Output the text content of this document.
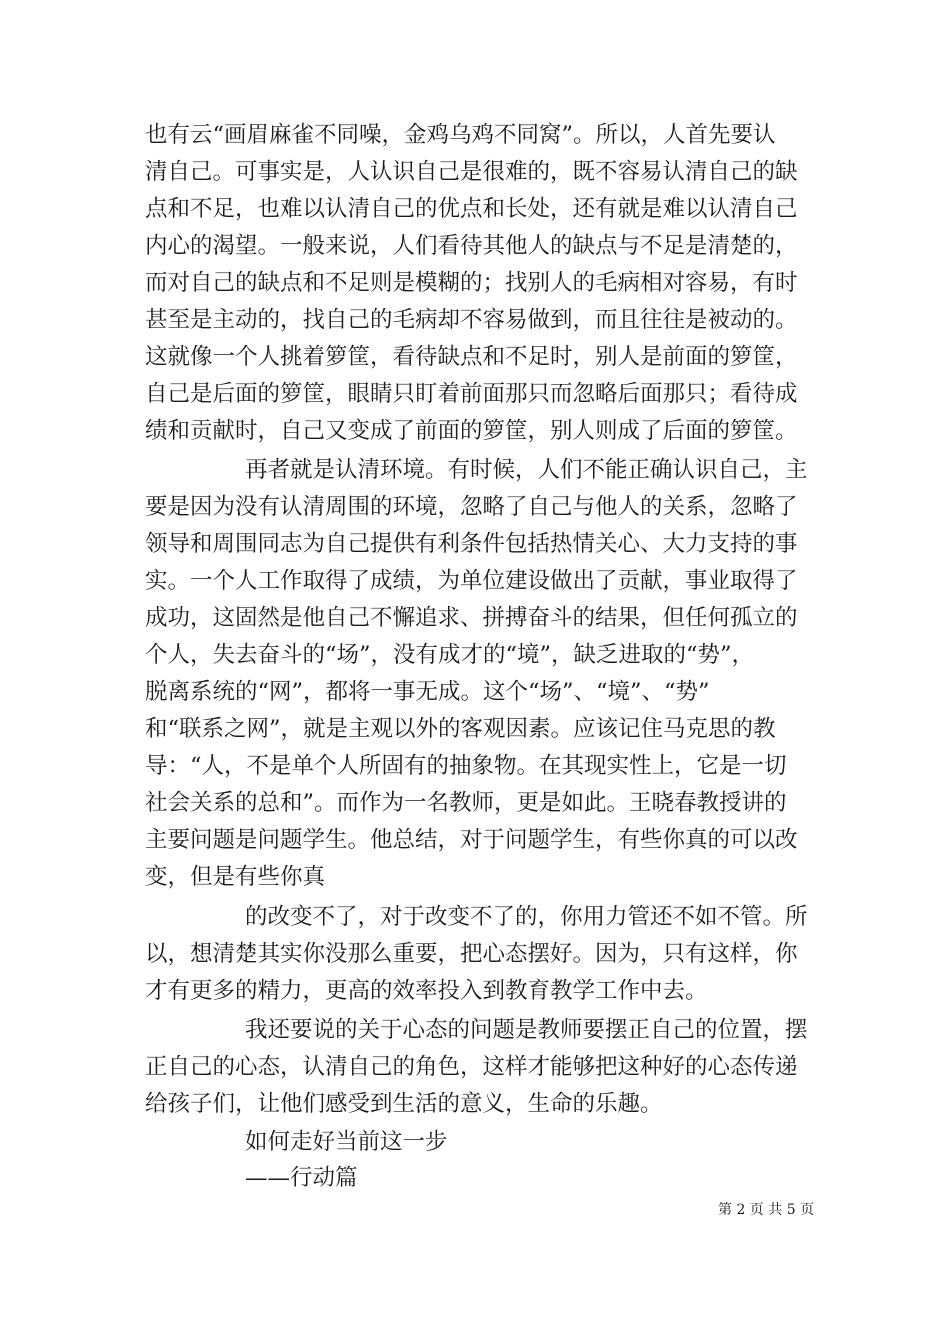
也有云“画眉麻雀不同噪，金鸡乌鸡不同窝”。所以，人首先要认
清自己。可事实是，人认识自己是很难的，既不容易认清自己的缺
点和不足，也难以认清自己的优点和长处，还有就是难以认清自己
内心的渴望。一般来说，人们看待其他人的缺点与不足是清楚的，
而对自己的缺点和不足则是模糊的；找别人的毛病相对容易，有时
甚至是主动的，找自己的毛病却不容易做到，而且往往是被动的。
这就像一个人挑着箩筐，看待缺点和不足时，别人是前面的箩筐，
自己是后面的箩筐，眼睛只盯着前面那只而忽略后面那只；看待成
绩和贡献时，自己又变成了前面的箩筐，别人则成了后面的箩筐。
再者就是认清环境。有时候，人们不能正确认识自己，主
要是因为没有认清周围的环境，忽略了自己与他人的关系，忽略了
领导和周围同志为自己提供有利条件包括热情关心、大力支持的事
实。一个人工作取得了成绩，为单位建设做出了贡献，事业取得了
成功，这固然是他自己不懈追求、拼搏奋斗的结果，但任何孤立的
个人，失去奋斗的“场”，没有成才的“境”，缺乏进取的“势”，
脱离系统的“网”，都将一事无成。这个“场”、“境”、“势”
和“联系之网”，就是主观以外的客观因素。应该记住马克思的教
导：“人，不是单个人所固有的抽象物。在其现实性上，它是一切
社会关系的总和”。而作为一名教师，更是如此。王晓春教授讲的
主要问题是问题学生。他总结，对于问题学生，有些你真的可以改
变，但是有些你真
的改变不了，对于改变不了的，你用力管还不如不管。所
以，想清楚其实你没那么重要，把心态摆好。因为，只有这样，你
才有更多的精力，更高的效率投入到教育教学工作中去。
我还要说的关于心态的问题是教师要摆正自己的位置，摆
正自己的心态，认清自己的角色，这样才能够把这种好的心态传递
给孩子们，让他们感受到生活的意义，生命的乐趣。
如何走好当前这一步
——行动篇
第 2 页 共 5 页
